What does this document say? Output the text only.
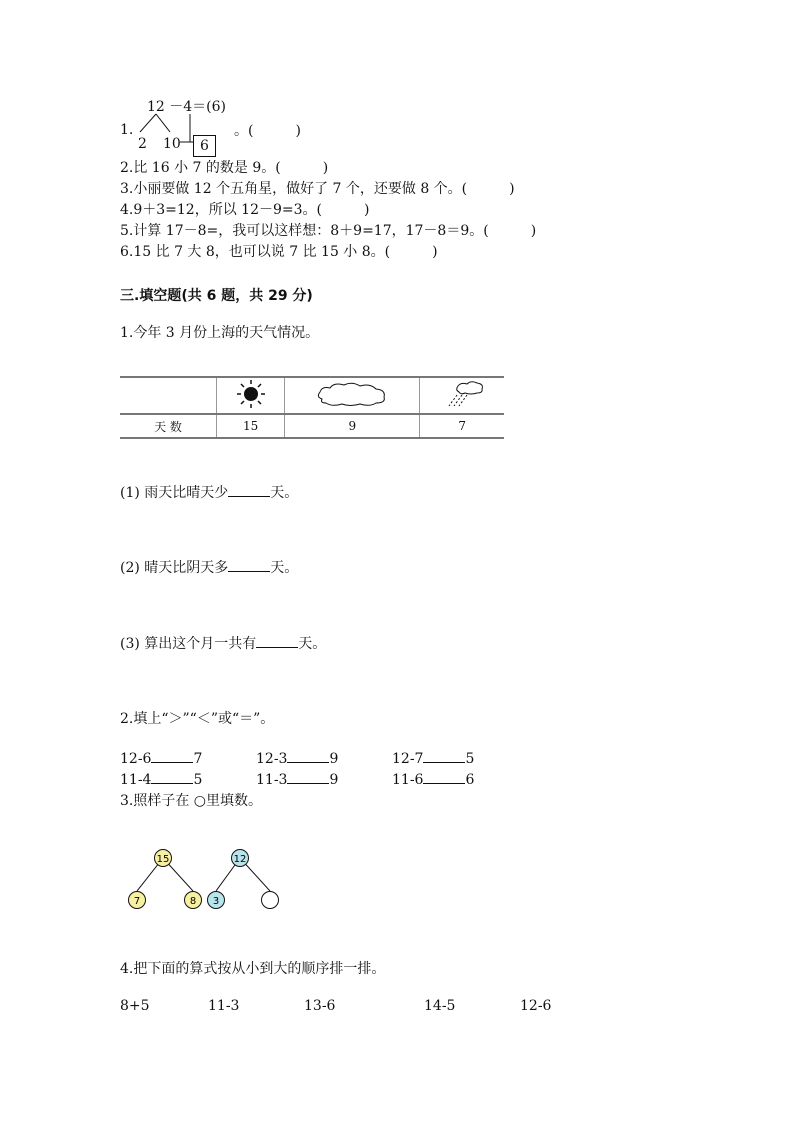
12 －4＝(6)
1.
2 10	6
。(　　　)
2.比 16 小 7 的数是 9。(　　　)
3.小丽要做 12 个五角星，做好了 7 个，还要做 8 个。(　　　)
4.9＋3=12，所以 12－9=3。(　　　)
5.计算 17－8=，我可以这样想：8＋9=17，17－8＝9。(　　　)
6.15 比 7 大 8，也可以说 7 比 15 小 8。(　　　)
三.填空题(共 6 题，共 29 分)
1.今年 3 月份上海的天气情况。

天 数	15	9	7
(1) 雨天比晴天少	天。
(2) 晴天比阴天多	天。
(3) 算出这个月一共有	天。
2.填上“＞”“＜”或“＝”。
12-6	7	12-3	9	12-7	5
11-4	5	11-3	9	11-6	6
3.照样子在 ○里填数。
15
7	8
12
3
4.把下面的算式按从小到大的顺序排一排。
8+5	11-3	13-6	14-5	12-6
